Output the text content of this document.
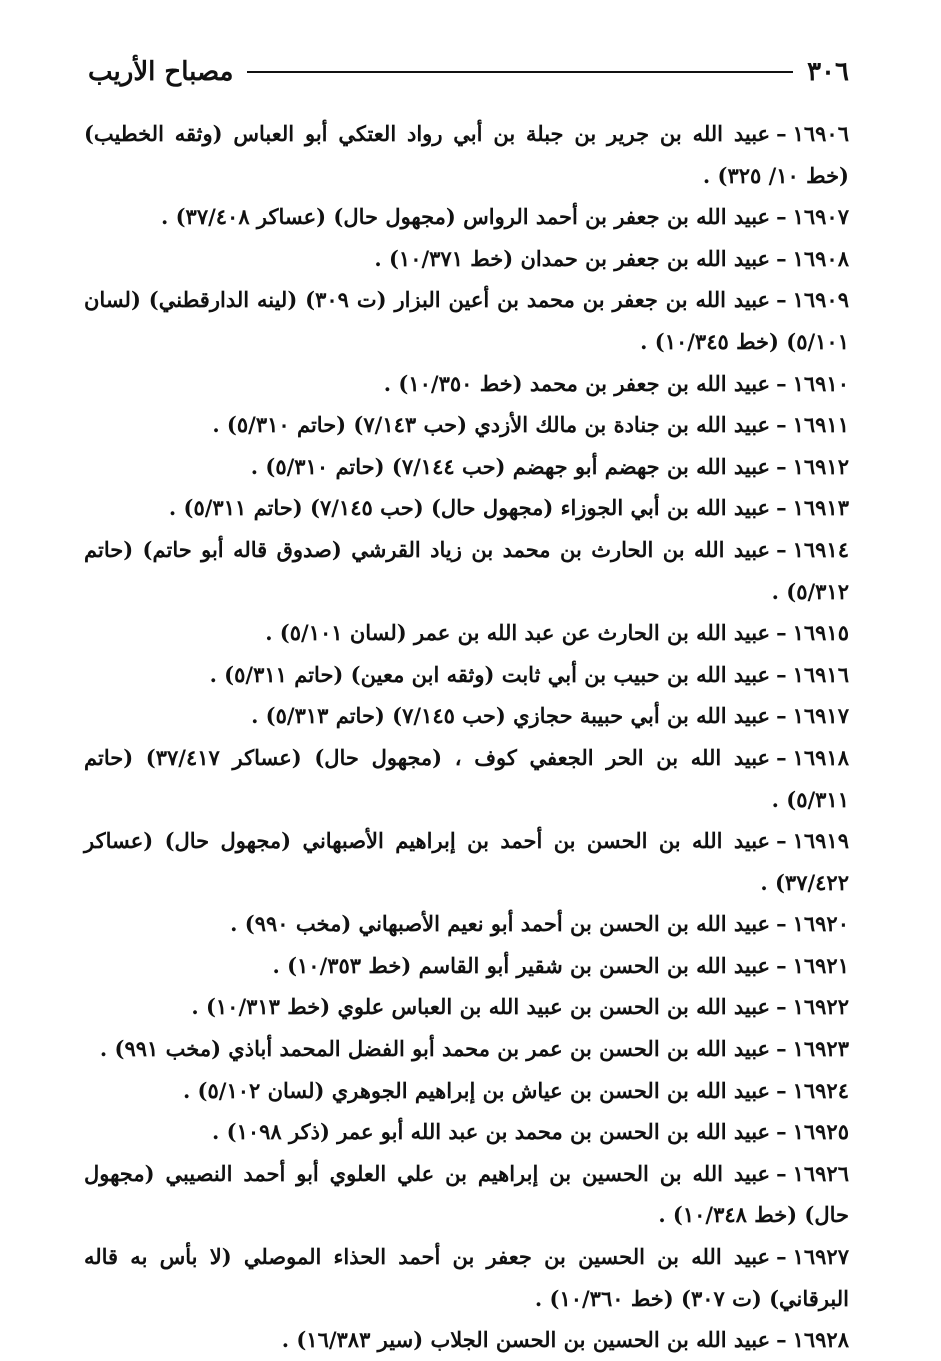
٣٠٦
مصباح الأريب
١٦٩٠٦–عبيد الله بن جرير بن جبلة بن أبي رواد العتكي أبو العباس (وثقه الخطيب) (خط ١٠/ ٣٢٥) .
١٦٩٠٧–عبيد الله بن جعفر بن أحمد الرواس (مجهول حال) (عساكر ٣٧/٤٠٨) .
١٦٩٠٨–عبيد الله بن جعفر بن حمدان (خط ١٠/٣٧١) .
١٦٩٠٩–عبيد الله بن جعفر بن محمد بن أعين البزار (ت ٣٠٩) (لينه الدارقطني) (لسان ٥/١٠١) (خط ١٠/٣٤٥) .
١٦٩١٠–عبيد الله بن جعفر بن محمد (خط ١٠/٣٥٠) .
١٦٩١١–عبيد الله بن جنادة بن مالك الأزدي (حب ٧/١٤٣) (حاتم ٥/٣١٠) .
١٦٩١٢–عبيد الله بن جهضم أبو جهضم (حب ٧/١٤٤) (حاتم ٥/٣١٠) .
١٦٩١٣–عبيد الله بن أبي الجوزاء (مجهول حال) (حب ٧/١٤٥) (حاتم ٥/٣١١) .
١٦٩١٤–عبيد الله بن الحارث بن محمد بن زياد القرشي (صدوق قاله أبو حاتم) (حاتم ٥/٣١٢) .
١٦٩١٥–عبيد الله بن الحارث عن عبد الله بن عمر (لسان ٥/١٠١) .
١٦٩١٦–عبيد الله بن حبيب بن أبي ثابت (وثقه ابن معين) (حاتم ٥/٣١١) .
١٦٩١٧–عبيد الله بن أبي حبيبة حجازي (حب ٧/١٤٥) (حاتم ٥/٣١٣) .
١٦٩١٨–عبيد الله بن الحر الجعفي كوف ، (مجهول حال) (عساكر ٣٧/٤١٧) (حاتم ٥/٣١١) .
١٦٩١٩–عبيد الله بن الحسن بن أحمد بن إبراهيم الأصبهاني (مجهول حال) (عساكر ٣٧/٤٢٢) .
١٦٩٢٠–عبيد الله بن الحسن بن أحمد أبو نعيم الأصبهاني (مخب ٩٩٠) .
١٦٩٢١–عبيد الله بن الحسن بن شقير أبو القاسم (خط ١٠/٣٥٣) .
١٦٩٢٢–عبيد الله بن الحسن بن عبيد الله بن العباس علوي (خط ١٠/٣١٣) .
١٦٩٢٣–عبيد الله بن الحسن بن عمر بن محمد أبو الفضل المحمد أباذي (مخب ٩٩١) .
١٦٩٢٤–عبيد الله بن الحسن بن عياش بن إبراهيم الجوهري (لسان ٥/١٠٢) .
١٦٩٢٥–عبيد الله بن الحسن بن محمد بن عبد الله أبو عمر (ذكر ١٠٩٨) .
١٦٩٢٦–عبيد الله بن الحسين بن إبراهيم بن علي العلوي أبو أحمد النصيبي (مجهول حال) (خط ١٠/٣٤٨) .
١٦٩٢٧–عبيد الله بن الحسين بن جعفر بن أحمد الحذاء الموصلي (لا بأس به قاله البرقاني) (ت ٣٠٧) (خط ١٠/٣٦٠) .
١٦٩٢٨–عبيد الله بن الحسين بن الحسن الجلاب (سير ١٦/٣٨٣) .
